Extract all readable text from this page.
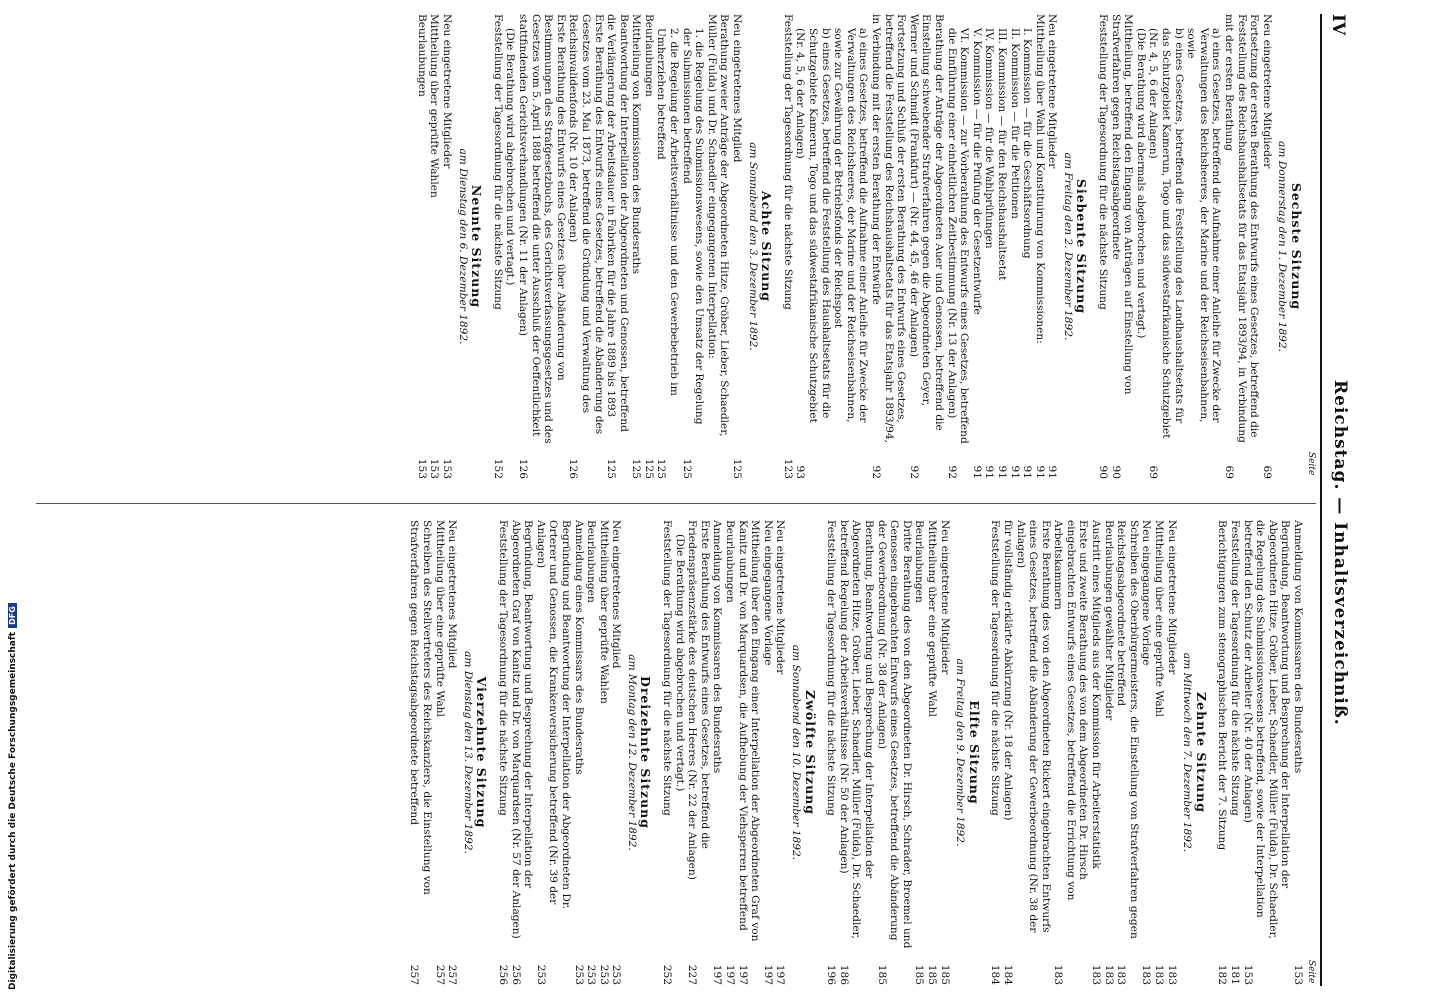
IV
Reichstag. — Inhaltsverzeichniß.
Seite
Seite
Sechste Sitzung
am Donnerstag den 1. Dezember 1892.
Neu eingetretene Mitglieder
69
Fortsetzung der ersten Berathung des Entwurfs eines Gesetzes, betreffend die Feststellung des Reichshaushaltsetats für das Etatsjahr 1893/94, in Verbindung mit der ersten Berathung
69
a) eines Gesetzes, betreffend die Aufnahme einer Anleihe für Zwecke der Verwaltungen des Reichsheeres, der Marine und der Reichseisenbahnen, sowie
b) eines Gesetzes, betreffend die Feststellung des Landhaushaltsetats für das Schutzgebiet Kamerun, Togo und das südwestafrikanische Schutzgebiet (Nr. 4, 5, 6 der Anlagen)
69
(Die Berathung wird abermals abgebrochen und vertagt.)
Mittheilung, betreffend den Eingang von Anträgen auf Einstellung von Strafverfahren gegen Reichstagsabgeordnete
90
Feststellung der Tagesordnung für die nächste Sitzung
90
Siebente Sitzung
am Freitag den 2. Dezember 1892.
Neu eingetretene Mitglieder
91
Mittheilung über Wahl und Konstituirung von Kommissionen:
91
I. Kommission — für die Geschäftsordnung
91
II. Kommission — für die Petitionen
91
III. Kommission — für den Reichshaushaltsetat
91
IV. Kommission — für die Wahlprüfungen
91
V. Kommission — für die Prüfung der Gesetzentwürfe
91
VI. Kommission — zur Vorberathung des Entwurfs eines Gesetzes, betreffend die Einführung einer einheitlichen Zeitbestimmung (Nr. 13 der Anlagen)
92
Berathung der Anträge der Abgeordneten Auer und Genossen, betreffend die Einstellung schwebender Strafverfahren gegen die Abgeordneten Geyer, Werner und Schmidt (Frankfurt) — (Nr. 44, 45, 46 der Anlagen)
92
Fortsetzung und Schluß der ersten Berathung des Entwurfs eines Gesetzes, betreffend die Feststellung des Reichshaushaltsetats für das Etatsjahr 1893/94, in Verbindung mit der ersten Berathung der Entwürfe
92
a) eines Gesetzes, betreffend die Aufnahme einer Anleihe für Zwecke der Verwaltungen des Reichsheeres, der Marine und der Reichseisenbahnen, sowie zur Gewährung der Betriebsfonds der Reichspost
b) eines Gesetzes, betreffend die Feststellung des Haushaltsetats für die Schutzgebiete Kamerun, Togo und das südwestafrikanische Schutzgebiet (Nr. 4, 5, 6 der Anlagen)
93
Feststellung der Tagesordnung für die nächste Sitzung
123
Achte Sitzung
am Sonnabend den 3. Dezember 1892.
Neu eingetretenes Mitglied
125
Berathung zweier Anträge der Abgeordneten Hitze, Gröber, Lieber, Schaedler, Müller (Fulda) und Dr. Schaedler eingegangenen Interpellation:
1. die Regelung des Submissionswesens, sowie den Umsatz der Regelung der Submissionen betreffend
125
2. die Regelung der Arbeitsverhältnisse und den Gewerbebetrieb im Umherziehen betreffend
125
Beurlaubungen
125
Mittheilung von Kommissionen des Bundesraths
125
Beantwortung der Interpellation der Abgeordneten und Genossen, betreffend die Verlängerung der Arbeitsdauer in Fabriken für die Jahre 1889 bis 1893
125
Erste Berathung des Entwurfs eines Gesetzes, betreffend die Abänderung des Gesetzes vom 23. Mai 1873, betreffend die Gründung und Verwaltung des Reichsinvalidenfonds (Nr. 10 der Anlagen)
126
Erste Berathung des Entwurfs eines Gesetzes über Abänderung von Bestimmungen des Strafgesetzbuchs, des Gerichtsverfassungsgesetzes und des Gesetzes vom 5. April 1888 betreffend die unter Ausschluß der Oeffentlichkeit stattfindenden Gerichtsverhandlungen (Nr. 11 der Anlagen)
126
(Die Berathung wird abgebrochen und vertagt.)
Feststellung der Tagesordnung für die nächste Sitzung
152
Neunte Sitzung
am Dienstag den 6. Dezember 1892.
Neu eingetretene Mitglieder
153
Mittheilung über geprüfte Wahlen
153
Beurlaubungen
153
Anmeldung von Kommissaren des Bundesraths
153
Begründung, Beantwortung und Besprechung der Interpellation der Abgeordneten Hitze, Gröber, Lieber, Schaedler, Müller (Fulda), Dr. Schaedler, die Regelung des Submissionswesens betreffend, sowie der Interpellation betreffend den Schutz der Arbeiter (Nr. 40 der Anlagen)
153
Feststellung der Tagesordnung für die nächste Sitzung
181
Berichtigungen zum stenographischen Bericht der 7. Sitzung
182
Zehnte Sitzung
am Mittwoch den 7. Dezember 1892.
Neu eingetretene Mitglieder
183
Mittheilung über eine geprüfte Wahl
183
Neu eingegangene Vorlage
183
Schreiben des Oberbürgermeisters, die Einstellung von Strafverfahren gegen Reichstagsabgeordnete betreffend
183
Beurlaubungen gewählter Mitglieder
183
Austritt eines Mitglieds aus der Kommission für Arbeiterstatistik
183
Erste und zweite Berathung des von dem Abgeordneten Dr. Hirsch eingebrachten Entwurfs eines Gesetzes, betreffend die Errichtung von Arbeitskammern
183
Erste Berathung des von den Abgeordneten Rickert eingebrachten Entwurfs eines Gesetzes, betreffend die Abänderung der Gewerbeordnung (Nr. 38 der Anlagen)
für vollständig erklärte Abkürzung (Nr. 18 der Anlagen)
184
Feststellung der Tagesordnung für die nächste Sitzung
184
Elfte Sitzung
am Freitag den 9. Dezember 1892.
Neu eingetretene Mitglieder
185
Mittheilung über eine geprüfte Wahl
185
Beurlaubungen
185
Dritte Berathung des von den Abgeordneten Dr. Hirsch, Schrader, Broemel und Genossen eingebrachten Entwurfs eines Gesetzes, betreffend die Abänderung der Gewerbeordnung (Nr. 38 der Anlagen)
185
Berathung, Beantwortung und Besprechung der Interpellation der Abgeordneten Hitze, Gröber, Lieber, Schaedler, Müller (Fulda), Dr. Schaedler, betreffend Regelung der Arbeitsverhältnisse (Nr. 50 der Anlagen)
186
Feststellung der Tagesordnung für die nächste Sitzung
196
Zwölfte Sitzung
am Sonnabend den 10. Dezember 1892.
Neu eingetretene Mitglieder
197
Neu eingegangene Vorlage
197
Mittheilung über den Eingang einer Interpellation der Abgeordneten Graf von Kanitz und Dr. von Marquardsen, die Aufhebung der Viehsperren betreffend
197
Beurlaubungen
197
Anmeldung von Kommissaren des Bundesraths
197
Erste Berathung des Entwurfs eines Gesetzes, betreffend die Friedenspräsenzstärke des deutschen Heeres (Nr. 22 der Anlagen)
227
(Die Berathung wird abgebrochen und vertagt.)
Feststellung der Tagesordnung für die nächste Sitzung
252
Dreizehnte Sitzung
am Montag den 12. Dezember 1892.
Neu eingetretenes Mitglied
253
Mittheilung über geprüfte Wahlen
253
Beurlaubungen
253
Anmeldung eines Kommissars des Bundesraths
253
Begründung und Beantwortung der Interpellation der Abgeordneten Dr. Orterer und Genossen, die Krankenversicherung betreffend (Nr. 39 der Anlagen)
253
Begründung, Beantwortung und Besprechung der Interpellation der Abgeordneten Graf von Kanitz und Dr. von Marquardsen (Nr. 57 der Anlagen)
256
Feststellung der Tagesordnung für die nächste Sitzung
256
Vierzehnte Sitzung
am Dienstag den 13. Dezember 1892.
Neu eingetretenes Mitglied
257
Mittheilung über eine geprüfte Wahl
257
Schreiben des Stellvertreters des Reichskanzlers, die Einstellung von Strafverfahren gegen Reichstagsabgeordnete betreffend
257
Digitalisierung gefördert durch die Deutsche ForschungsgemeinschaftDFG
